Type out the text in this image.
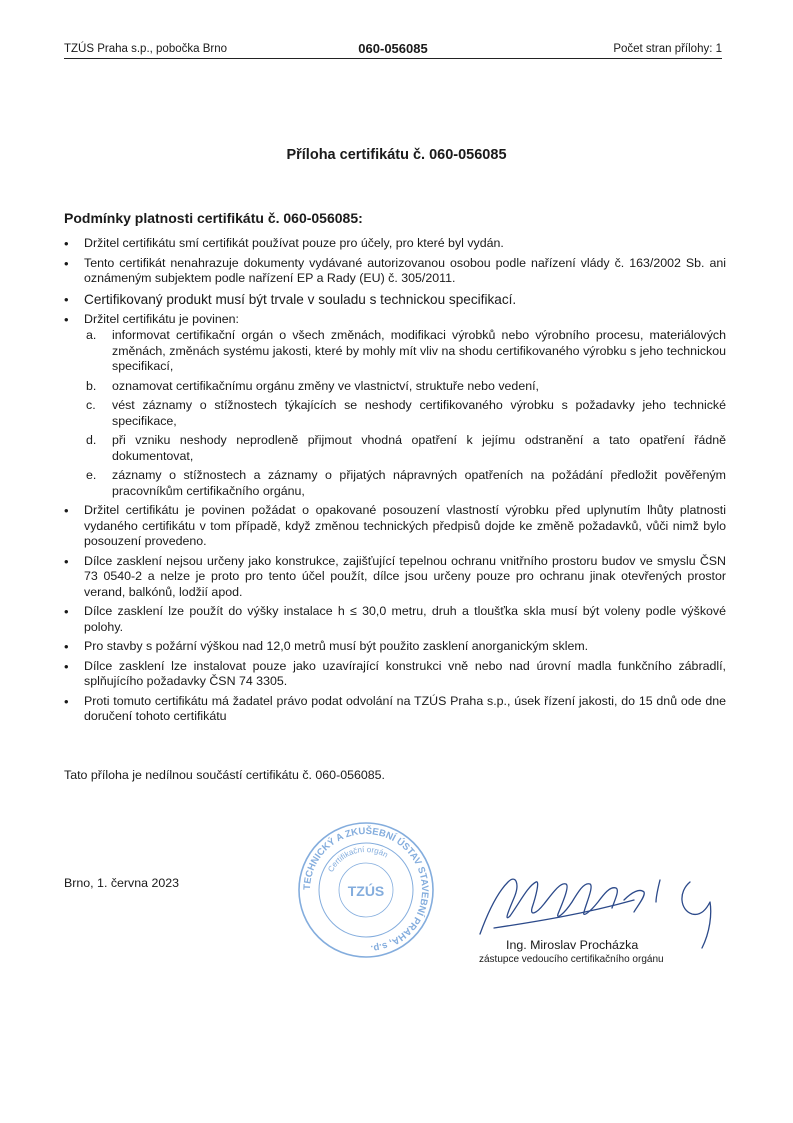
TZÚS Praha s.p., pobočka Brno	060-056085	Počet stran přílohy: 1
Příloha certifikátu č. 060-056085
Podmínky platnosti certifikátu č. 060-056085:
• Držitel certifikátu smí certifikát používat pouze pro účely, pro které byl vydán.
• Tento certifikát nenahrazuje dokumenty vydávané autorizovanou osobou podle nařízení vlády č. 163/2002 Sb. ani oznámeným subjektem podle nařízení EP a Rady (EU) č. 305/2011.
• Certifikovaný produkt musí být trvale v souladu s technickou specifikací.
• Držitel certifikátu je povinen:
a. informovat certifikační orgán o všech změnách, modifikaci výrobků nebo výrobního procesu, materiálových změnách, změnách systému jakosti, které by mohly mít vliv na shodu certifikovaného výrobku s jeho technickou specifikací,
b. oznamovat certifikačnímu orgánu změny ve vlastnictví, struktuře nebo vedení,
c. vést záznamy o stížnostech týkajících se neshody certifikovaného výrobku s požadavky jeho technické specifikace,
d. při vzniku neshody neprodleně přijmout vhodná opatření k jejímu odstranění a tato opatření řádně dokumentovat,
e. záznamy o stížnostech a záznamy o přijatých nápravných opatřeních na požádání předložit pověřeným pracovníkům certifikačního orgánu,
• Držitel certifikátu je povinen požádat o opakované posouzení vlastností výrobku před uplynutím lhůty platnosti vydaného certifikátu v tom případě, když změnou technických předpisů dojde ke změně požadavků, vůči nimž bylo posouzení provedeno.
• Dílce zasklení nejsou určeny jako konstrukce, zajišťující tepelnou ochranu vnitřního prostoru budov ve smyslu ČSN 73 0540-2 a nelze je proto pro tento účel použít, dílce jsou určeny pouze pro ochranu jinak otevřených prostor verand, balkónů, lodžií apod.
• Dílce zasklení lze použít do výšky instalace h ≤ 30,0 metru, druh a tloušťka skla musí být voleny podle výškové polohy.
• Pro stavby s požární výškou nad 12,0 metrů musí být použito zasklení anorganickým sklem.
• Dílce zasklení lze instalovat pouze jako uzavírající konstrukci vně nebo nad úrovní madla funkčního zábradlí, splňujícího požadavky ČSN 74 3305.
• Proti tomuto certifikátu má žadatel právo podat odvolání na TZÚS Praha s.p., úsek řízení jakosti, do 15 dnů ode dne doručení tohoto certifikátu
Tato příloha je nedílnou součástí certifikátu č. 060-056085.
Brno, 1. června 2023	TECHNICKÝ A ZKUŠEBNÍ ÚSTAV STAVEBNÍ PRAHA, s.p.
Certifikační orgán
TZÚS
Ing. Miroslav Procházka
zástupce vedoucího certifikačního orgánu
